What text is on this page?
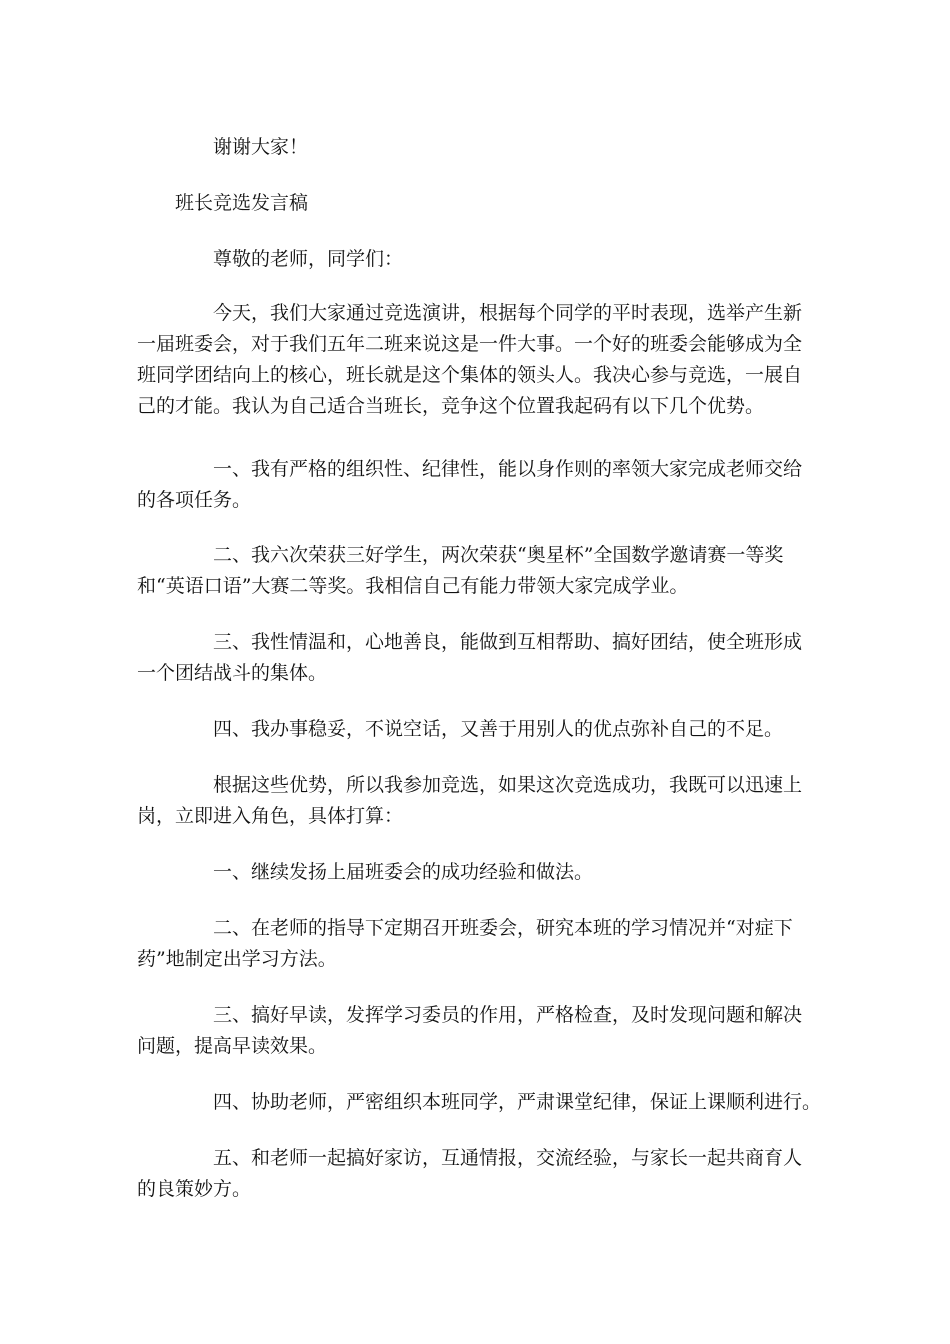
谢谢大家！

班长竞选发言稿

尊敬的老师，同学们：

今天，我们大家通过竞选演讲，根据每个同学的平时表现，选举产生新
一届班委会，对于我们五年二班来说这是一件大事。一个好的班委会能够成为全
班同学团结向上的核心，班长就是这个集体的领头人。我决心参与竞选，一展自
己的才能。我认为自己适合当班长，竞争这个位置我起码有以下几个优势。
一、我有严格的组织性、纪律性，能以身作则的率领大家完成老师交给
的各项任务。
二、我六次荣获三好学生，两次荣获“奥星杯”全国数学邀请赛一等奖
和“英语口语”大赛二等奖。我相信自己有能力带领大家完成学业。
三、我性情温和，心地善良，能做到互相帮助、搞好团结，使全班形成
一个团结战斗的集体。
四、我办事稳妥，不说空话，又善于用别人的优点弥补自己的不足。
根据这些优势，所以我参加竞选，如果这次竞选成功，我既可以迅速上
岗，立即进入角色，具体打算：
一、继续发扬上届班委会的成功经验和做法。
二、在老师的指导下定期召开班委会，研究本班的学习情况并“对症下
药”地制定出学习方法。
三、搞好早读，发挥学习委员的作用，严格检查，及时发现问题和解决
问题，提高早读效果。
四、协助老师，严密组织本班同学，严肃课堂纪律，保证上课顺利进行。
五、和老师一起搞好家访，互通情报，交流经验，与家长一起共商育人
的良策妙方。
